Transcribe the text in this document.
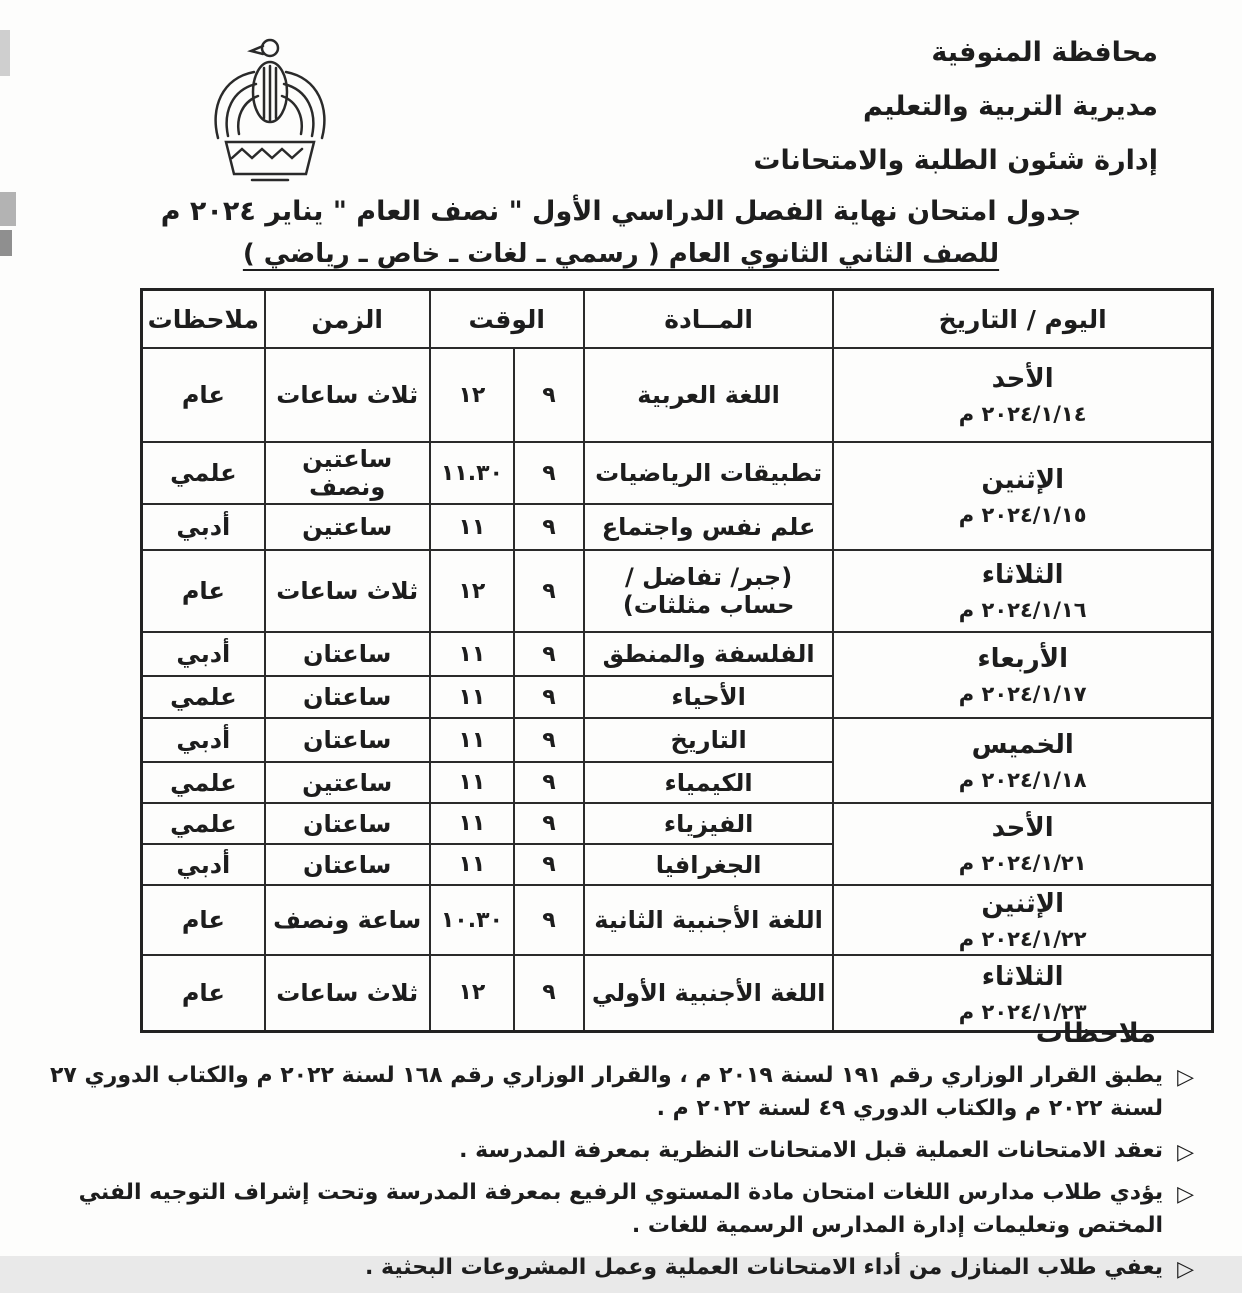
محافظة المنوفية
مديرية التربية والتعليم
إدارة شئون الطلبة والامتحانات
جدول امتحان نهاية الفصل الدراسي الأول " نصف العام " يناير ٢٠٢٤ م
للصف الثاني الثانوي العام ( رسمي ـ لغات ـ خاص ـ رياضي )
اليوم / التاريخ	المــادة	الوقت		الزمن	ملاحظات

الأحد
٢٠٢٤/١/١٤ م	اللغة العربية	٩	١٢	ثلاث ساعات	عام

الإثنين
٢٠٢٤/١/١٥ م	تطبيقات الرياضيات	٩	١١.٣٠	ساعتين ونصف	علمي
	علم نفس واجتماع	٩	١١	ساعتين	أدبي

الثلاثاء
٢٠٢٤/١/١٦ م	(جبر/ تفاضل /حساب مثلثات)	٩	١٢	ثلاث ساعات	عام

الأربعاء
٢٠٢٤/١/١٧ م	الفلسفة والمنطق	٩	١١	ساعتان	أدبي
	الأحياء	٩	١١	ساعتان	علمي

الخميس
٢٠٢٤/١/١٨ م	التاريخ	٩	١١	ساعتان	أدبي
	الكيمياء	٩	١١	ساعتين	علمي

الأحد
٢٠٢٤/١/٢١ م	الفيزياء	٩	١١	ساعتان	علمي
	الجغرافيا	٩	١١	ساعتان	أدبي

الإثنين
٢٠٢٤/١/٢٢ م	اللغة الأجنبية الثانية	٩	١٠.٣٠	ساعة ونصف	عام

الثلاثاء
٢٠٢٤/١/٢٣ م	اللغة الأجنبية الأولي	٩	١٢	ثلاث ساعات	عام
ملاحظات
▷
يطبق القرار الوزاري رقم ١٩١ لسنة ٢٠١٩ م ، والقرار الوزاري رقم ١٦٨ لسنة ٢٠٢٢ م والكتاب الدوري ٢٧ لسنة ٢٠٢٢ م والكتاب الدوري ٤٩ لسنة ٢٠٢٢ م .
▷
تعقد الامتحانات العملية قبل الامتحانات النظرية بمعرفة المدرسة .
▷
يؤدي طلاب مدارس اللغات امتحان مادة المستوي الرفيع بمعرفة المدرسة وتحت إشراف التوجيه الفني المختص وتعليمات إدارة المدارس الرسمية للغات .
▷
يعفي طلاب المنازل من أداء الامتحانات العملية وعمل المشروعات البحثية .
